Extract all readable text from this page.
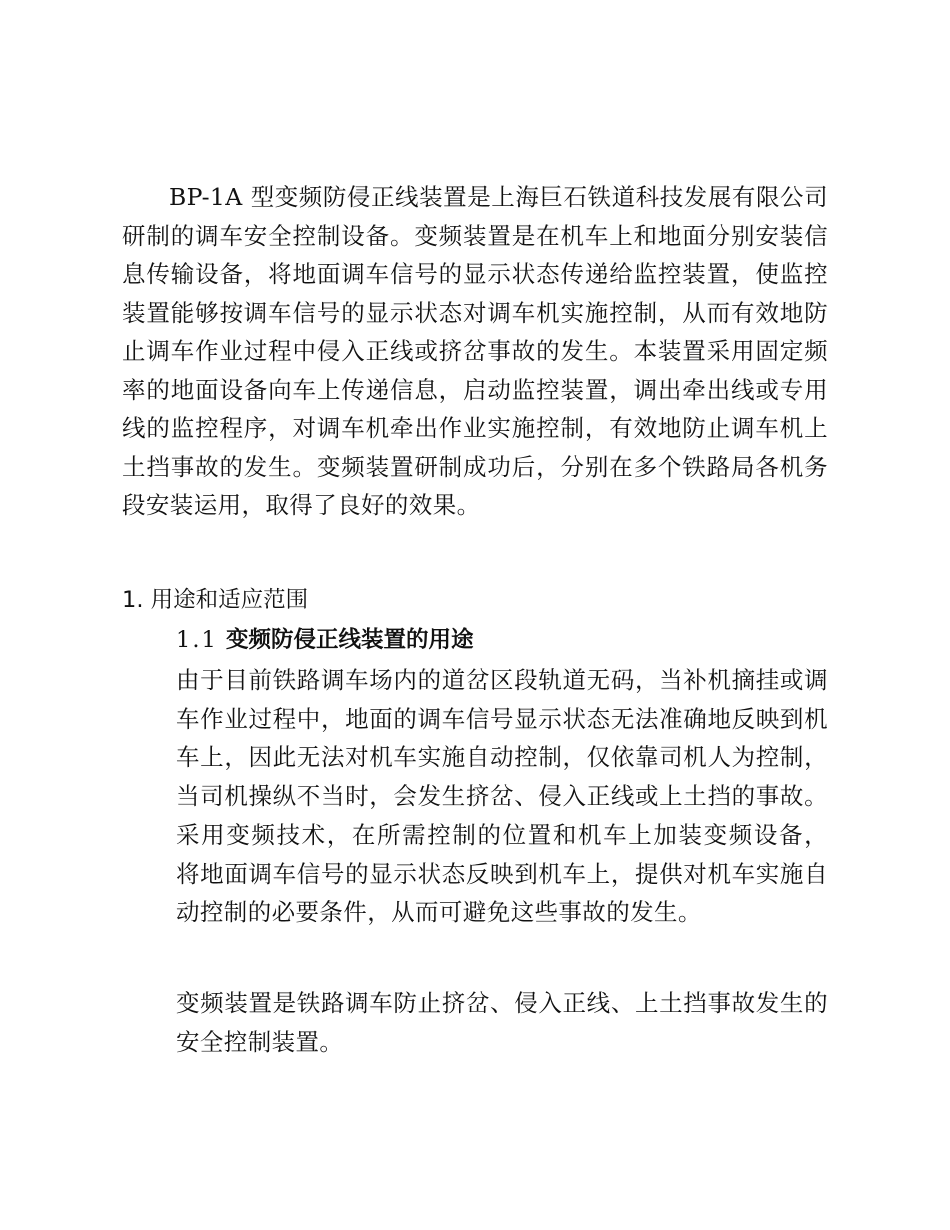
BP-1A 型变频防侵正线装置是上海巨石铁道科技发展有限公司研制的调车安全控制设备。变频装置是在机车上和地面分别安装信息传输设备，将地面调车信号的显示状态传递给监控装置，使监控装置能够按调车信号的显示状态对调车机实施控制，从而有效地防止调车作业过程中侵入正线或挤岔事故的发生。本装置采用固定频率的地面设备向车上传递信息，启动监控装置，调出牵出线或专用线的监控程序，对调车机牵出作业实施控制，有效地防止调车机上土挡事故的发生。变频装置研制成功后，分别在多个铁路局各机务段安装运用，取得了良好的效果。

1. 用途和适应范围
1.1 变频防侵正线装置的用途

由于目前铁路调车场内的道岔区段轨道无码，当补机摘挂或调车作业过程中，地面的调车信号显示状态无法准确地反映到机车上，因此无法对机车实施自动控制，仅依靠司机人为控制，当司机操纵不当时，会发生挤岔、侵入正线或上土挡的事故。采用变频技术，在所需控制的位置和机车上加装变频设备， 将地面调车信号的显示状态反映到机车上，提供对机车实施自动控制的必要条件，从而可避免这些事故的发生。

变频装置是铁路调车防止挤岔、侵入正线、上土挡事故发生的安全控制装置。
